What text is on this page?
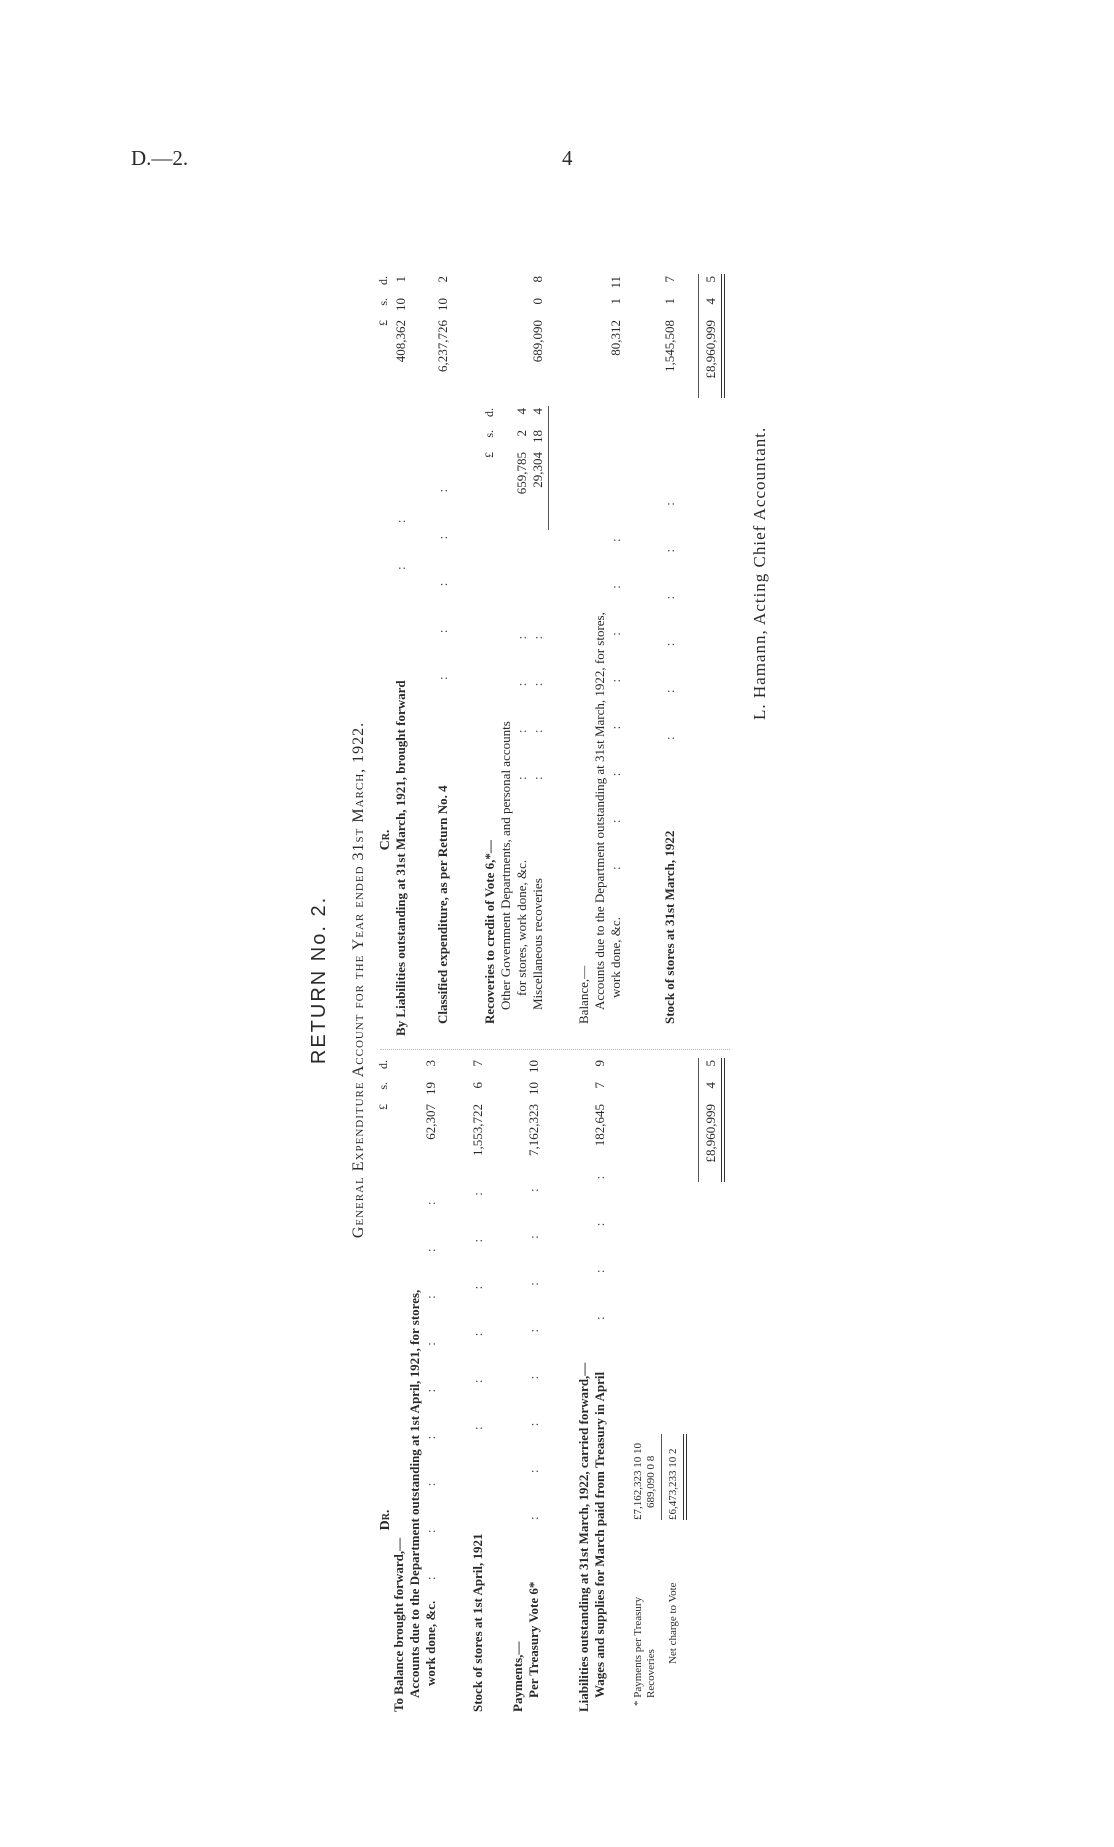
D.—2.	4
RETURN No. 2. General Expenditure Account for the Year ended 31st March, 1922.
Dr.
£s.d.
To Balance brought forward,— Accounts due to the Department outstanding at 1st April, 1921, for stores, work done, &c.
: : : : : : : : :
62,307193
Stock of stores at 1st April, 1921
: : : : : :
1,553,72267
Payments,— Per Treasury Vote 6*
: : : : : : : :
7,162,3231010
Liabilities outstanding at 31st March, 1922, carried forward,— Wages and supplies for March paid from Treasury in April
: : : :
182,64579
* Payments per Treasury
£7,162,323 10 10
Recoveries
689,090 0 8
Net charge to Vote
£6,473,233 10 2
£8,960,99945
Cr.
£s.d.
By Liabilities outstanding at 31st March, 1921, brought forward
: :
408,362101
Classified expenditure, as per Return No. 4
: : : : :
6,237,726102
Recoveries to credit of Vote 6,*—
£s.d.
Other Government Departments, and personal accounts for stores, work done, &c.
: : : :
659,78524
Miscellaneous recoveries
: : : :
29,304184
689,09008
Balance,— Accounts due to the Department outstanding at 31st March, 1922, for stores, work done, &c.
: : : : : : : :
80,312111
Stock of stores at 31st March, 1922
: : : : : :
1,545,50817
£8,960,99945
L. Hamann, Acting Chief Accountant.
